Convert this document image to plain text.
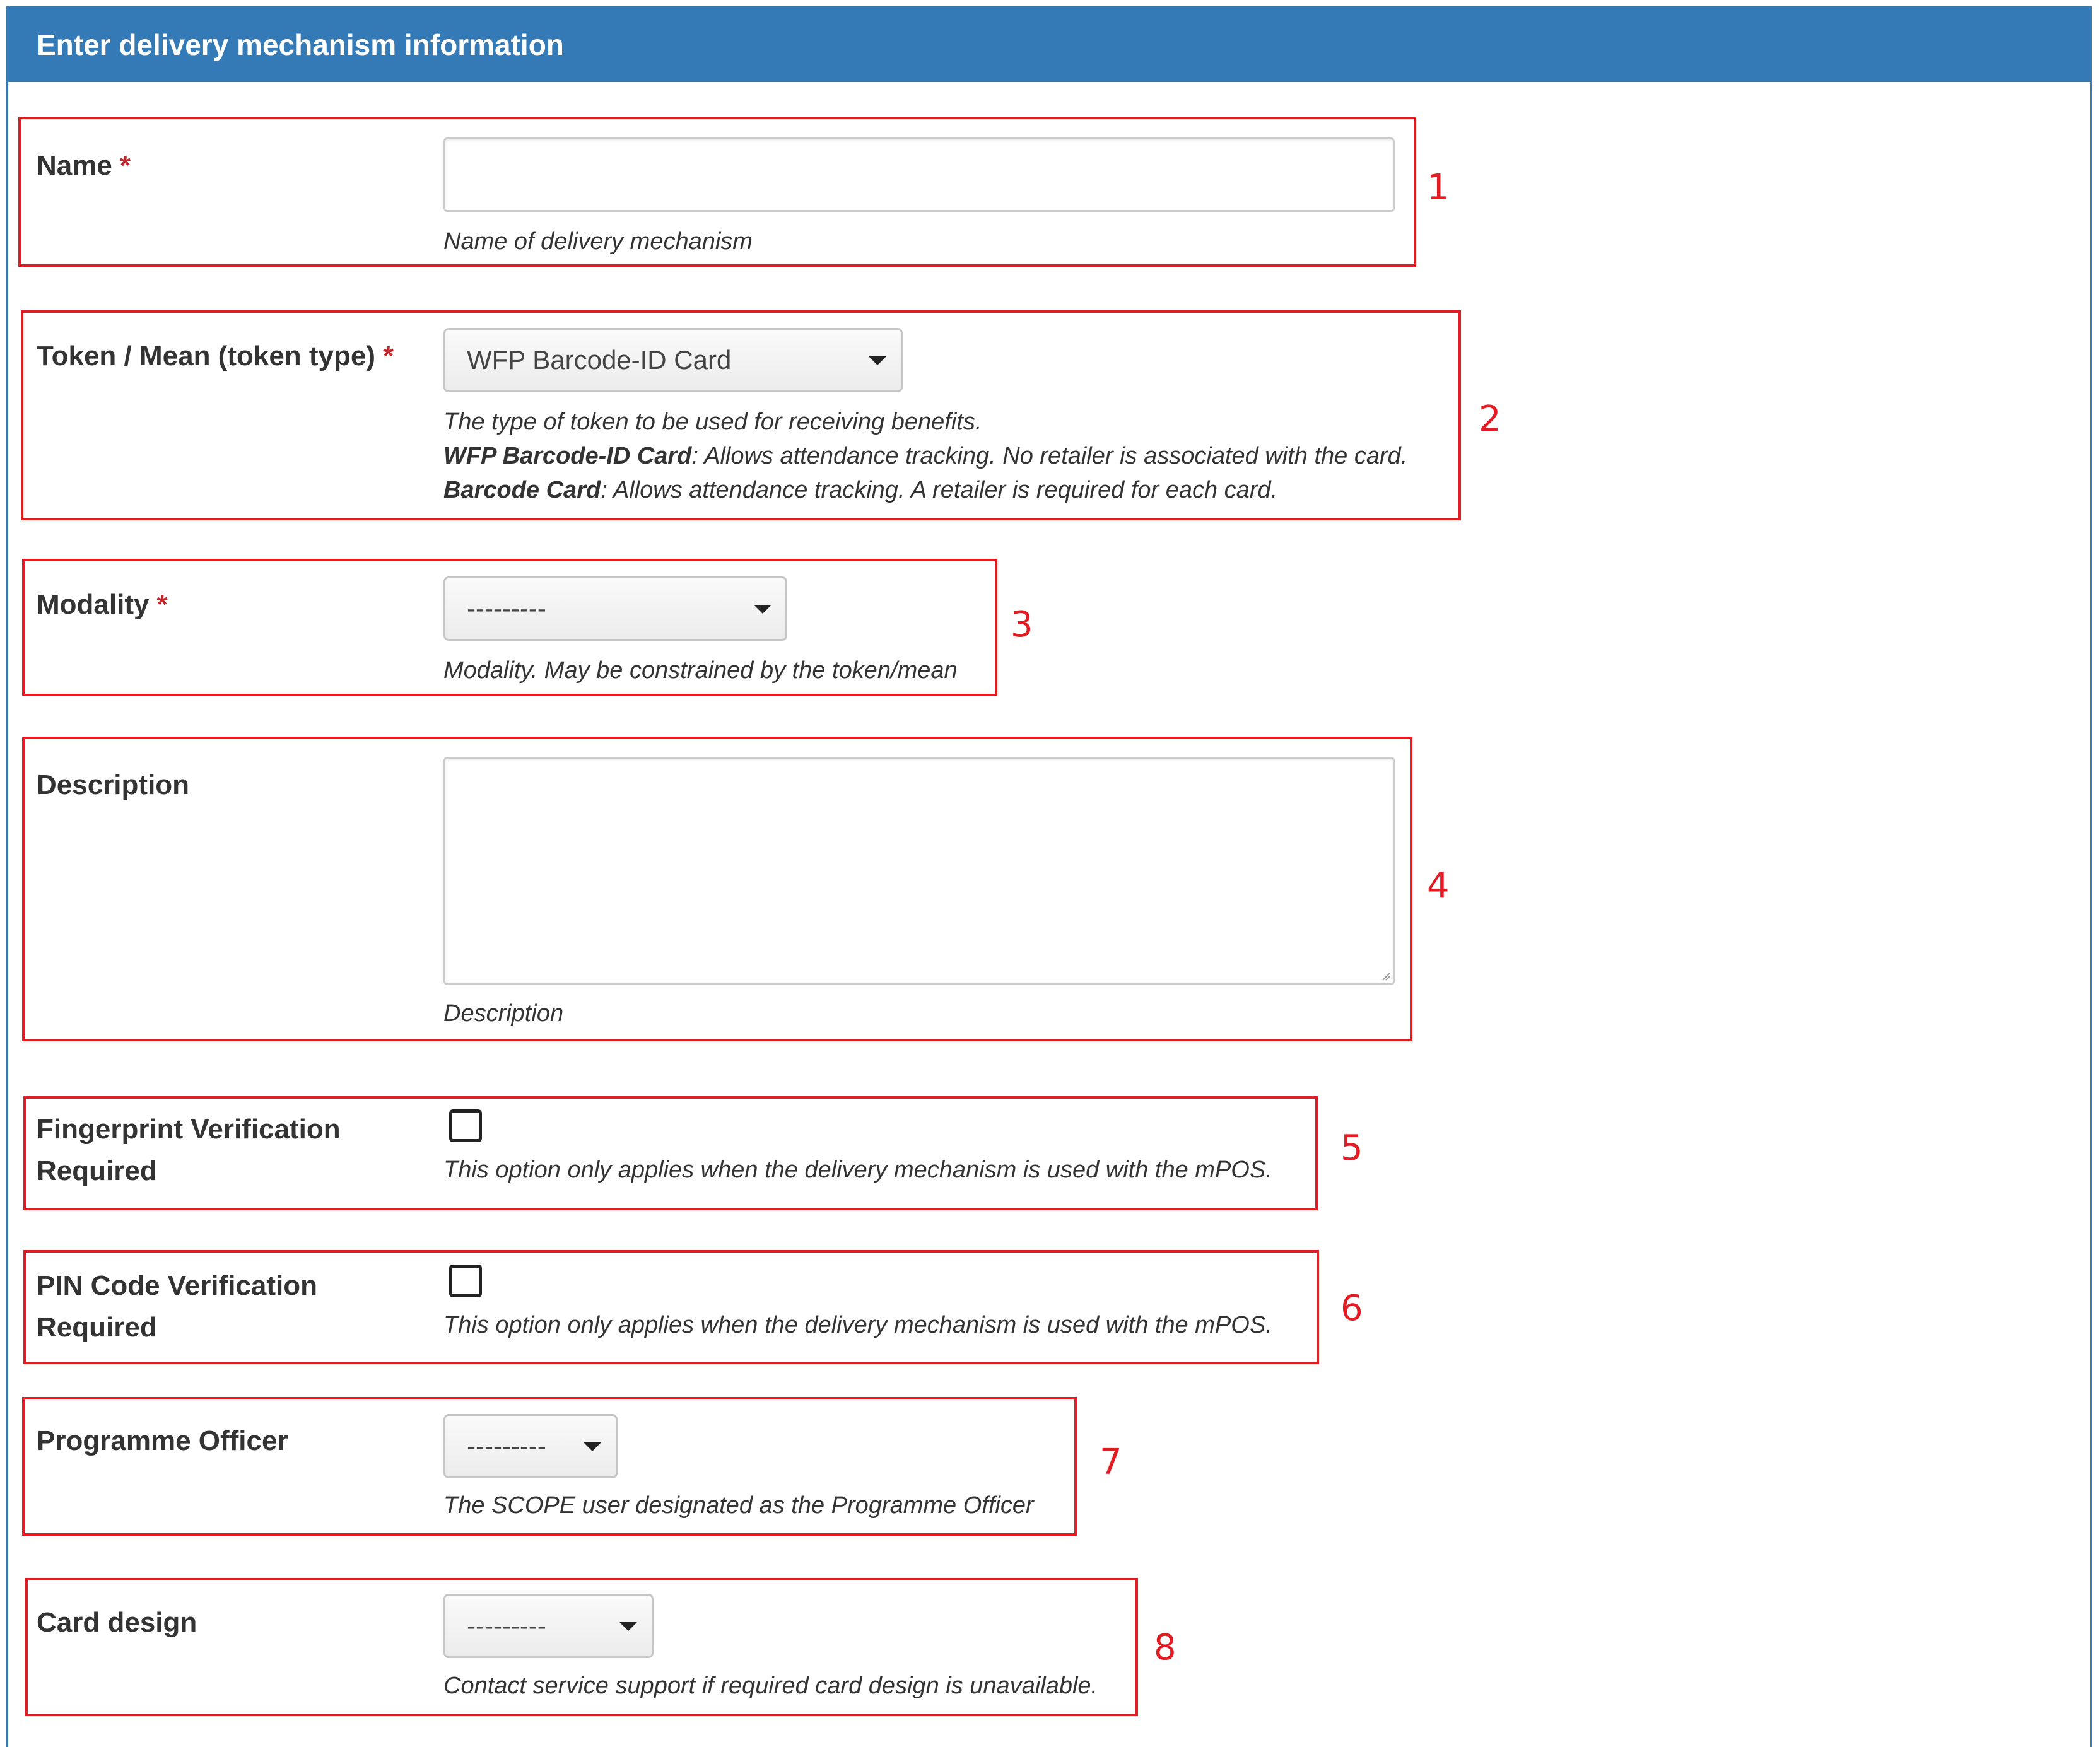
Enter delivery mechanism information
1
Name *
Name of delivery mechanism
2
Token / Mean (token type) *	WFP Barcode-ID Card
The type of token to be used for receiving benefits.
WFP Barcode-ID Card: Allows attendance tracking. No retailer is associated with the card.
Barcode Card: Allows attendance tracking. A retailer is required for each card.
3
Modality *	---------
Modality. May be constrained by the token/mean
4
Description
Description
5
Fingerprint Verification
Required	This option only applies when the delivery mechanism is used with the mPOS.
6
PIN Code Verification
Required	This option only applies when the delivery mechanism is used with the mPOS.
7
Programme Officer	---------
The SCOPE user designated as the Programme Officer
8
Card design	---------
Contact service support if required card design is unavailable.
